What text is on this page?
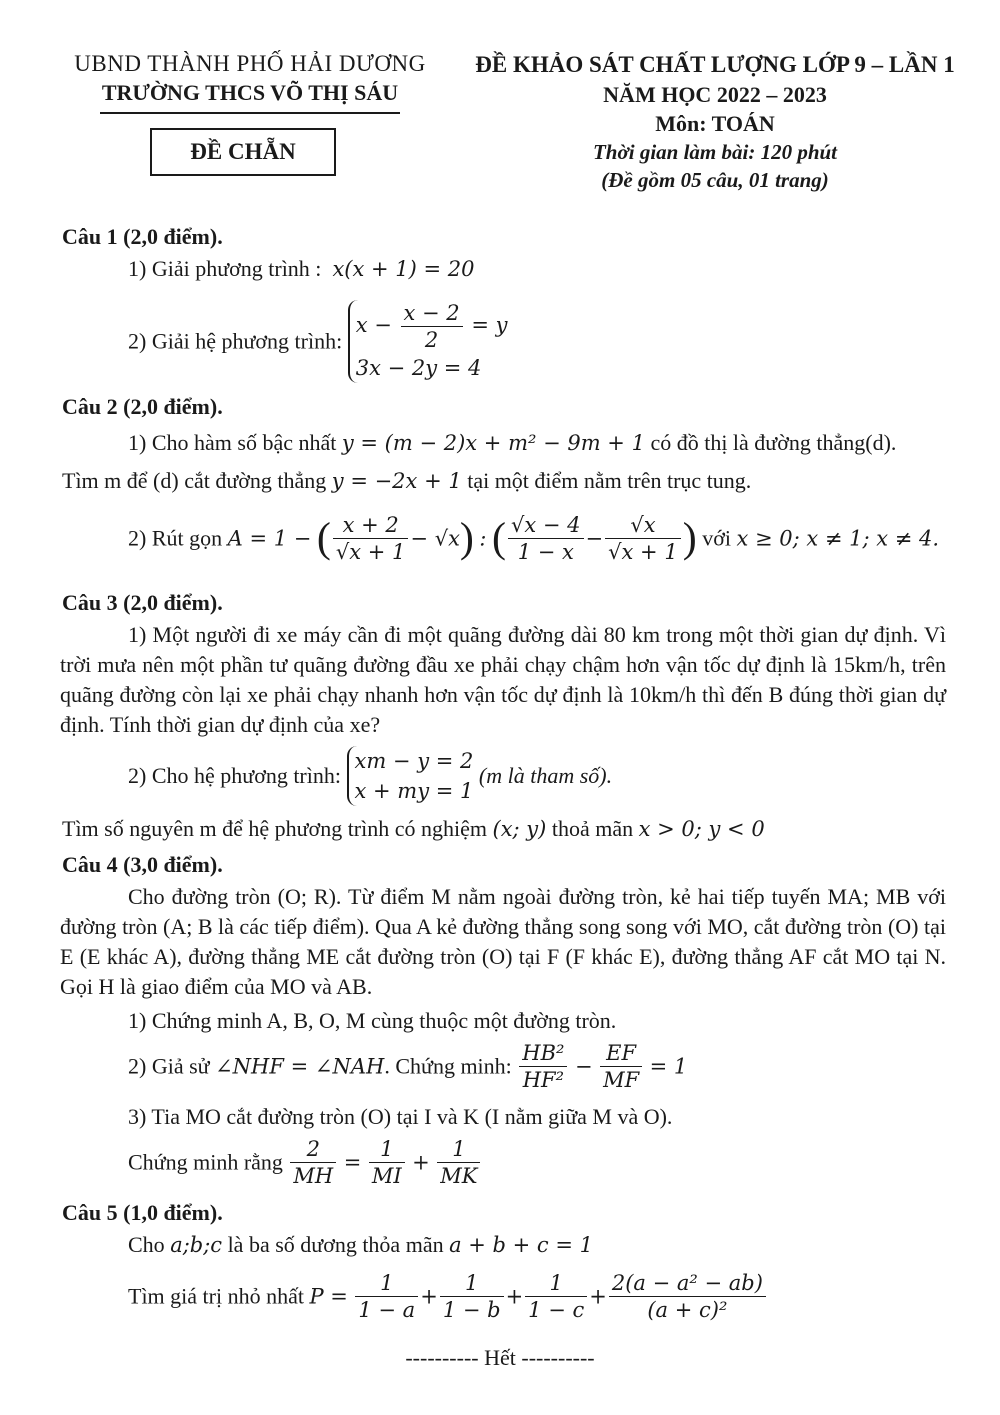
UBND THÀNH PHỐ HẢI DƯƠNG
TRƯỜNG THCS VÕ THỊ SÁU
ĐỀ CHẴN
ĐỀ KHẢO SÁT CHẤT LƯỢNG LỚP 9 – LẦN 1
NĂM HỌC 2022 – 2023
Môn: TOÁN
Thời gian làm bài: 120 phút
(Đề gồm 05 câu, 01 trang)
Câu 1 (2,0 điểm).
1) Giải phương trình : x(x + 1) = 20
2) Giải hệ phương trình:
$x - \frac{x - 2}{2} = y$
3x − 2y = 4
Câu 2 (2,0 điểm).
1) Cho hàm số bậc nhất y = (m − 2)x + m² − 9m + 1 có đồ thị là đường thẳng(d).
Tìm m để (d) cắt đường thẳng y = −2x + 1 tại một điểm nằm trên trục tung.
2) Rút gọn A = 1 − ( $\frac{x + 2}{√x + 1} - √x$) : ( $\frac{√x - 4}{1 - x} - \frac{√x}{√x + 1}$ ) với x ≥ 0; x ≠ 1; x ≠ 4.
Câu 3 (2,0 điểm).
1) Một người đi xe máy cần đi một quãng đường dài 80 km trong một thời gian dự định. Vì trời mưa nên một phần tư quãng đường đầu xe phải chạy chậm hơn vận tốc dự định là 15km/h, trên quãng đường còn lại xe phải chạy nhanh hơn vận tốc dự định là 10km/h thì đến B đúng thời gian dự định. Tính thời gian dự định của xe?
2) Cho hệ phương trình:
xm − y = 2
x + my = 1
(m là tham số).
Tìm số nguyên m để hệ phương trình có nghiệm (x; y) thoả mãn x > 0; y < 0
Câu 4 (3,0 điểm).
Cho đường tròn (O; R). Từ điểm M nằm ngoài đường tròn, kẻ hai tiếp tuyến MA; MB với đường tròn (A; B là các tiếp điểm). Qua A kẻ đường thẳng song song với MO, cắt đường tròn (O) tại E (E khác A), đường thẳng ME cắt đường tròn (O) tại F (F khác E), đường thẳng AF cắt MO tại N. Gọi H là giao điểm của MO và AB.
1) Chứng minh A, B, O, M cùng thuộc một đường tròn.
2) Giả sử ∠NHF = ∠NAH. Chứng minh: $\frac{\text{HB²}}{\text{HF²}} - \frac{EF}{MF} = 1$
3) Tia MO cắt đường tròn (O) tại I và K (I nằm giữa M và O).
Chứng minh rằng $\frac{2}{MH} = \frac{1}{MI} + \frac{1}{MK}$
Câu 5 (1,0 điểm).
Cho a;b;c là ba số dương thỏa mãn a + b + c = 1
Tìm giá trị nhỏ nhất $P = \frac{1}{1 - a} + \frac{1}{1 - b} + \frac{1}{1 - c} + \frac{\text{2(a − a² − ab)}}{\text{(a + c)²}}$
---------- Hết ----------
